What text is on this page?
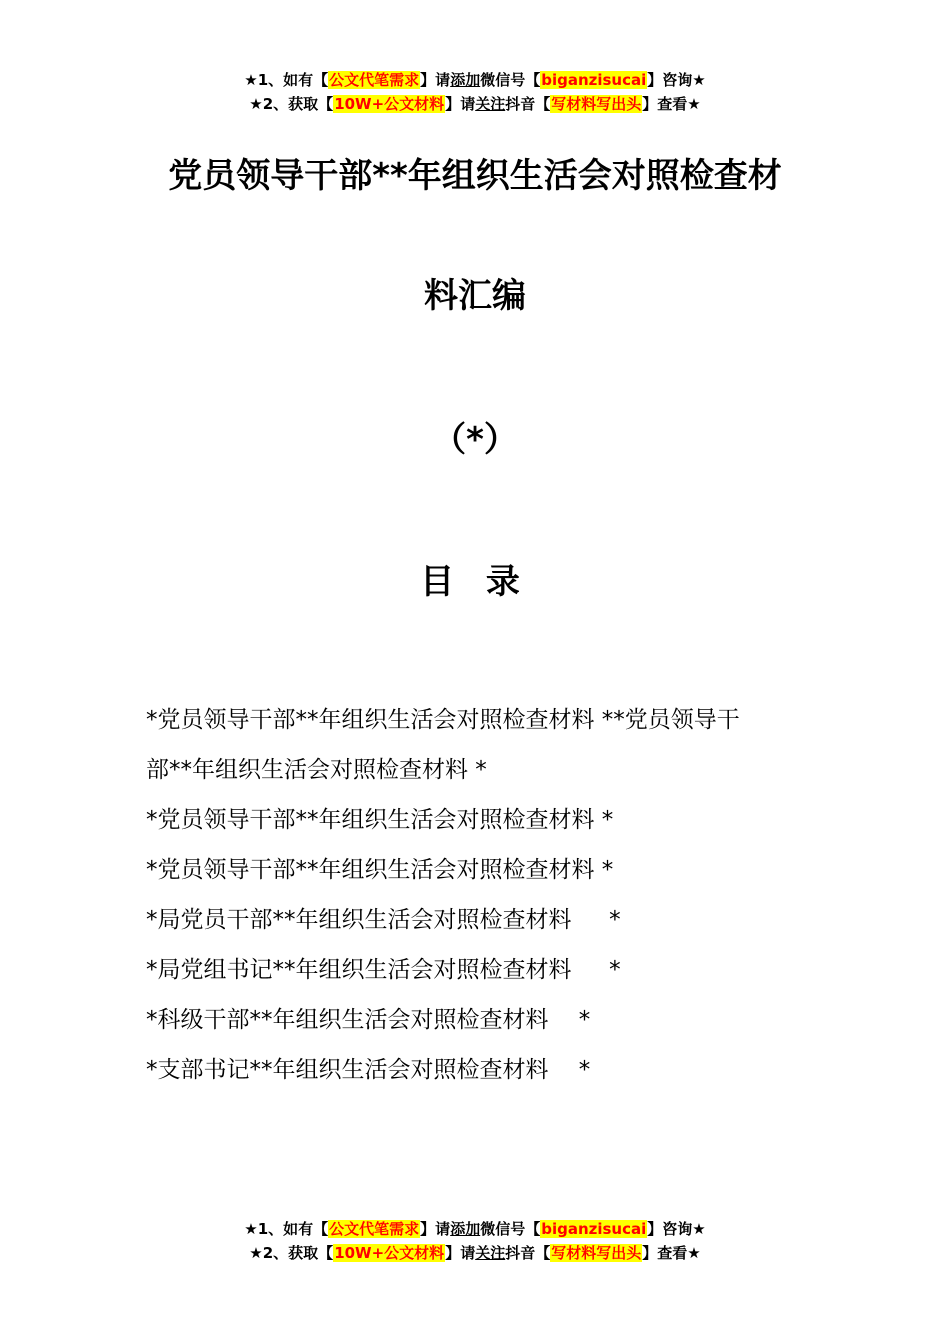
★1、如有【公文代笔需求】请添加微信号【biganzisucai】咨询★
★2、获取【10W+公文材料】请关注抖音【写材料写出头】查看★
党员领导干部**年组织生活会对照检查材
料汇编
（*）
目 录
*党员领导干部**年组织生活会对照检查材料 **党员领导干
部**年组织生活会对照检查材料 *
*党员领导干部**年组织生活会对照检查材料 *
*党员领导干部**年组织生活会对照检查材料 *
*局党员干部**年组织生活会对照检查材料 　 *
*局党组书记**年组织生活会对照检查材料 　 *
*科级干部**年组织生活会对照检查材料 　*
*支部书记**年组织生活会对照检查材料 　*
★1、如有【公文代笔需求】请添加微信号【biganzisucai】咨询★
★2、获取【10W+公文材料】请关注抖音【写材料写出头】查看★
